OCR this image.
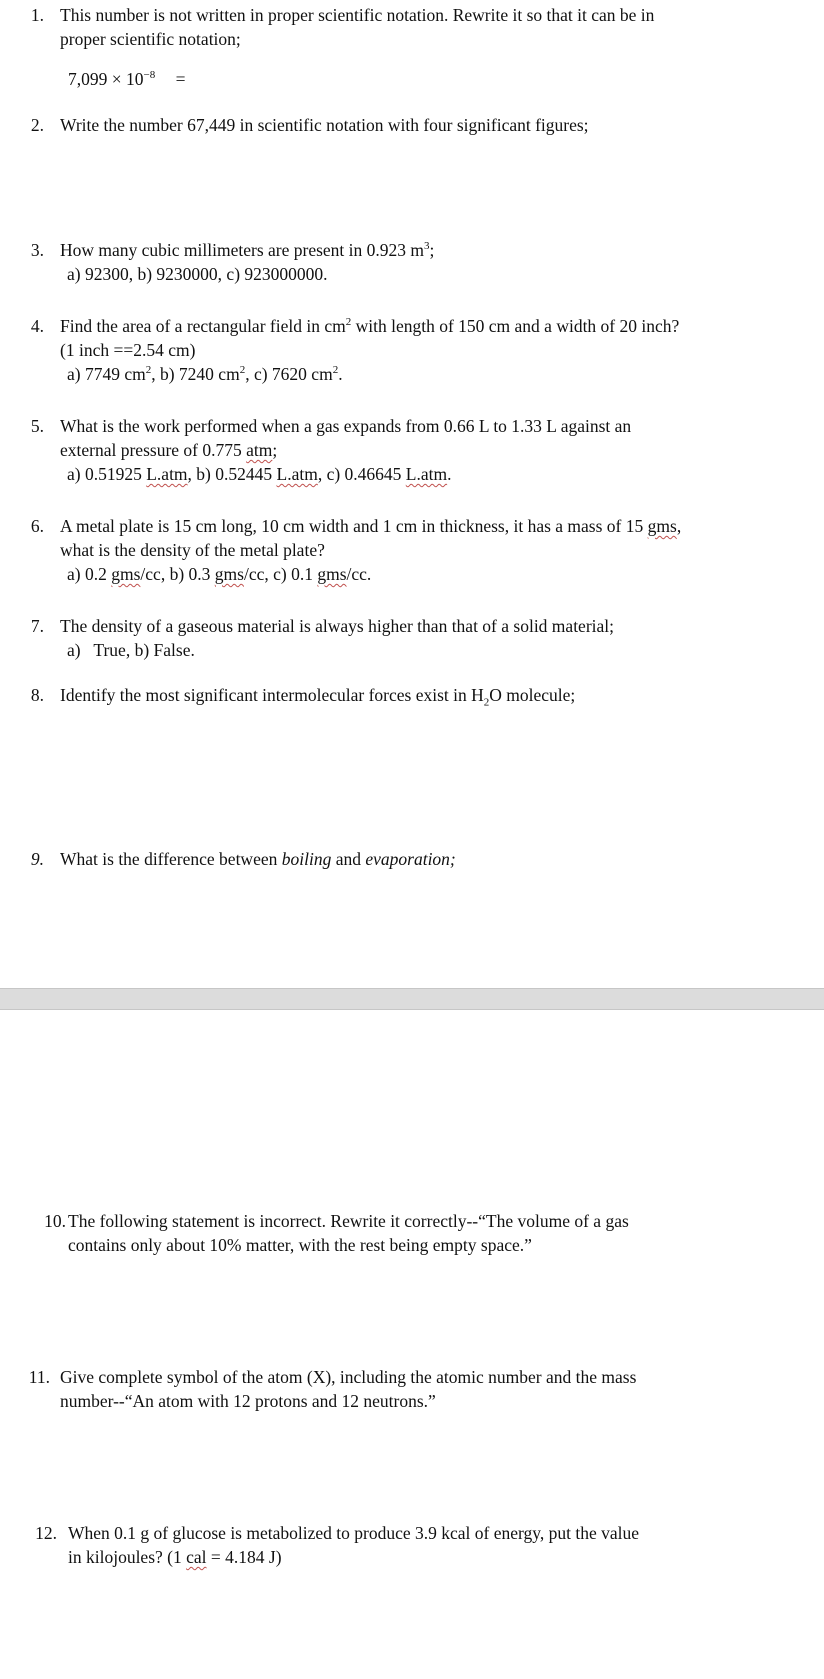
1. This number is not written in proper scientific notation. Rewrite it so that it can be in
proper scientific notation;
$7,099 \times 10^{-8}$ =
2. Write the number 67,449 in scientific notation with four significant figures;
3. How many cubic millimeters are present in 0.923 $m^3$;
a) 92300, b) 9230000, c) 923000000.
4. Find the area of a rectangular field in $cm^2$ with length of 150 cm and a width of 20 inch?
(1 inch ==2.54 cm)
a) 7749 $cm^2$, b) 7240 $cm^2$, c) 7620 $cm^2$.
5. What is the work performed when a gas expands from 0.66 L to 1.33 L against an
external pressure of 0.775 atm;
a) 0.51925 L.atm, b) 0.52445 L.atm, c) 0.46645 L.atm.
6. A metal plate is 15 cm long, 10 cm width and 1 cm in thickness, it has a mass of 15 gms,
what is the density of the metal plate?
a) 0.2 gms/cc, b) 0.3 gms/cc, c) 0.1 gms/cc.
7. The density of a gaseous material is always higher than that of a solid material;
a)   True, b) False.
8. Identify the most significant intermolecular forces exist in $H_2O$ molecule;
9. What is the difference between boiling and evaporation;
10. The following statement is incorrect. Rewrite it correctly--“The volume of a gas
contains only about 10% matter, with the rest being empty space.”
11. Give complete symbol of the atom (X), including the atomic number and the mass
number--“An atom with 12 protons and 12 neutrons.”
12. When 0.1 g of glucose is metabolized to produce 3.9 kcal of energy, put the value
in kilojoules? (1 cal = 4.184 J)
